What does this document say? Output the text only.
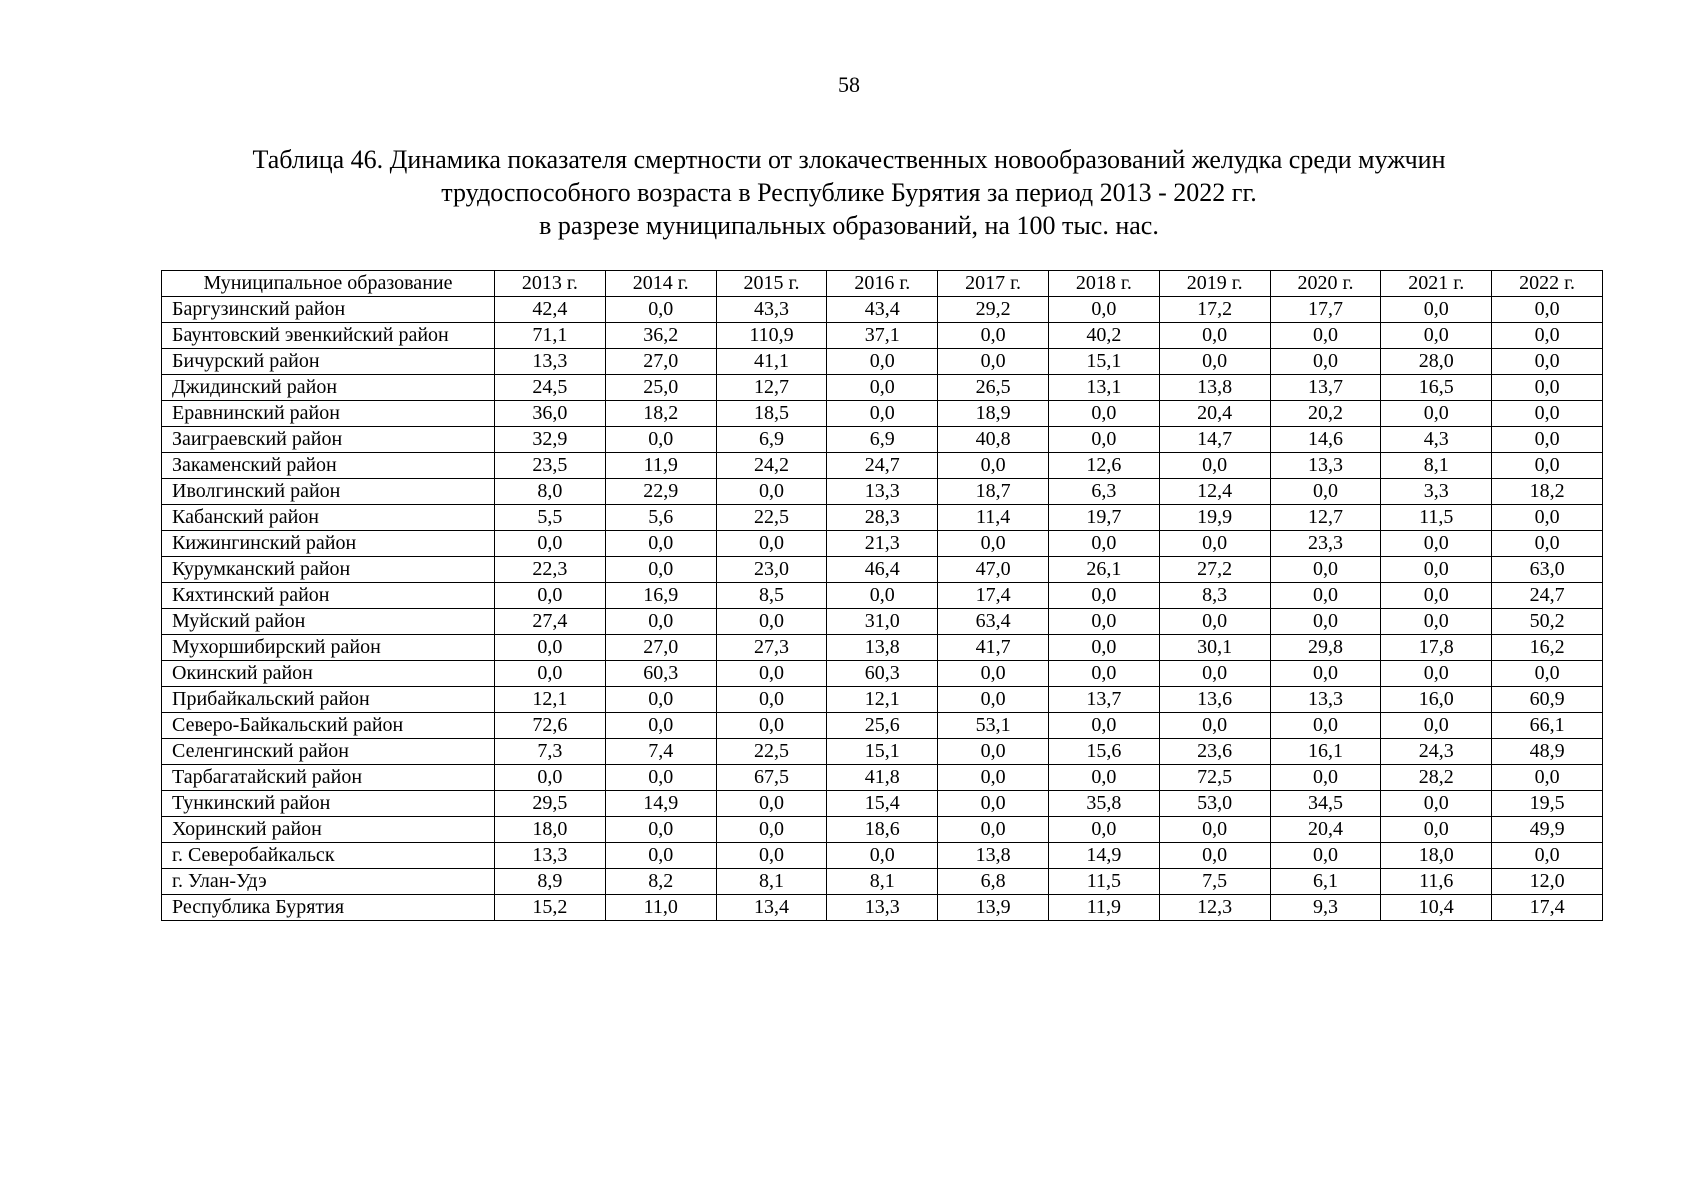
58
Таблица 46. Динамика показателя смертности от злокачественных новообразований желудка среди мужчин
трудоспособного возраста в Республике Бурятия за период 2013 - 2022 гг.
в разрезе муниципальных образований, на 100 тыс. нас.
Муниципальное образование	2013 г.	2014 г.	2015 г.	2016 г.	2017 г.	2018 г.	2019 г.	2020 г.	2021 г.	2022 г.
Баргузинский район	42,4	0,0	43,3	43,4	29,2	0,0	17,2	17,7	0,0	0,0
Баунтовский эвенкийский район	71,1	36,2	110,9	37,1	0,0	40,2	0,0	0,0	0,0	0,0
Бичурский район	13,3	27,0	41,1	0,0	0,0	15,1	0,0	0,0	28,0	0,0
Джидинский район	24,5	25,0	12,7	0,0	26,5	13,1	13,8	13,7	16,5	0,0
Еравнинский район	36,0	18,2	18,5	0,0	18,9	0,0	20,4	20,2	0,0	0,0
Заиграевский район	32,9	0,0	6,9	6,9	40,8	0,0	14,7	14,6	4,3	0,0
Закаменский район	23,5	11,9	24,2	24,7	0,0	12,6	0,0	13,3	8,1	0,0
Иволгинский район	8,0	22,9	0,0	13,3	18,7	6,3	12,4	0,0	3,3	18,2
Кабанский район	5,5	5,6	22,5	28,3	11,4	19,7	19,9	12,7	11,5	0,0
Кижингинский район	0,0	0,0	0,0	21,3	0,0	0,0	0,0	23,3	0,0	0,0
Курумканский район	22,3	0,0	23,0	46,4	47,0	26,1	27,2	0,0	0,0	63,0
Кяхтинский район	0,0	16,9	8,5	0,0	17,4	0,0	8,3	0,0	0,0	24,7
Муйский район	27,4	0,0	0,0	31,0	63,4	0,0	0,0	0,0	0,0	50,2
Мухоршибирский район	0,0	27,0	27,3	13,8	41,7	0,0	30,1	29,8	17,8	16,2
Окинский район	0,0	60,3	0,0	60,3	0,0	0,0	0,0	0,0	0,0	0,0
Прибайкальский район	12,1	0,0	0,0	12,1	0,0	13,7	13,6	13,3	16,0	60,9
Северо-Байкальский район	72,6	0,0	0,0	25,6	53,1	0,0	0,0	0,0	0,0	66,1
Селенгинский район	7,3	7,4	22,5	15,1	0,0	15,6	23,6	16,1	24,3	48,9
Тарбагатайский район	0,0	0,0	67,5	41,8	0,0	0,0	72,5	0,0	28,2	0,0
Тункинский район	29,5	14,9	0,0	15,4	0,0	35,8	53,0	34,5	0,0	19,5
Хоринский район	18,0	0,0	0,0	18,6	0,0	0,0	0,0	20,4	0,0	49,9
г. Северобайкальск	13,3	0,0	0,0	0,0	13,8	14,9	0,0	0,0	18,0	0,0
г. Улан-Удэ	8,9	8,2	8,1	8,1	6,8	11,5	7,5	6,1	11,6	12,0
Республика Бурятия	15,2	11,0	13,4	13,3	13,9	11,9	12,3	9,3	10,4	17,4
